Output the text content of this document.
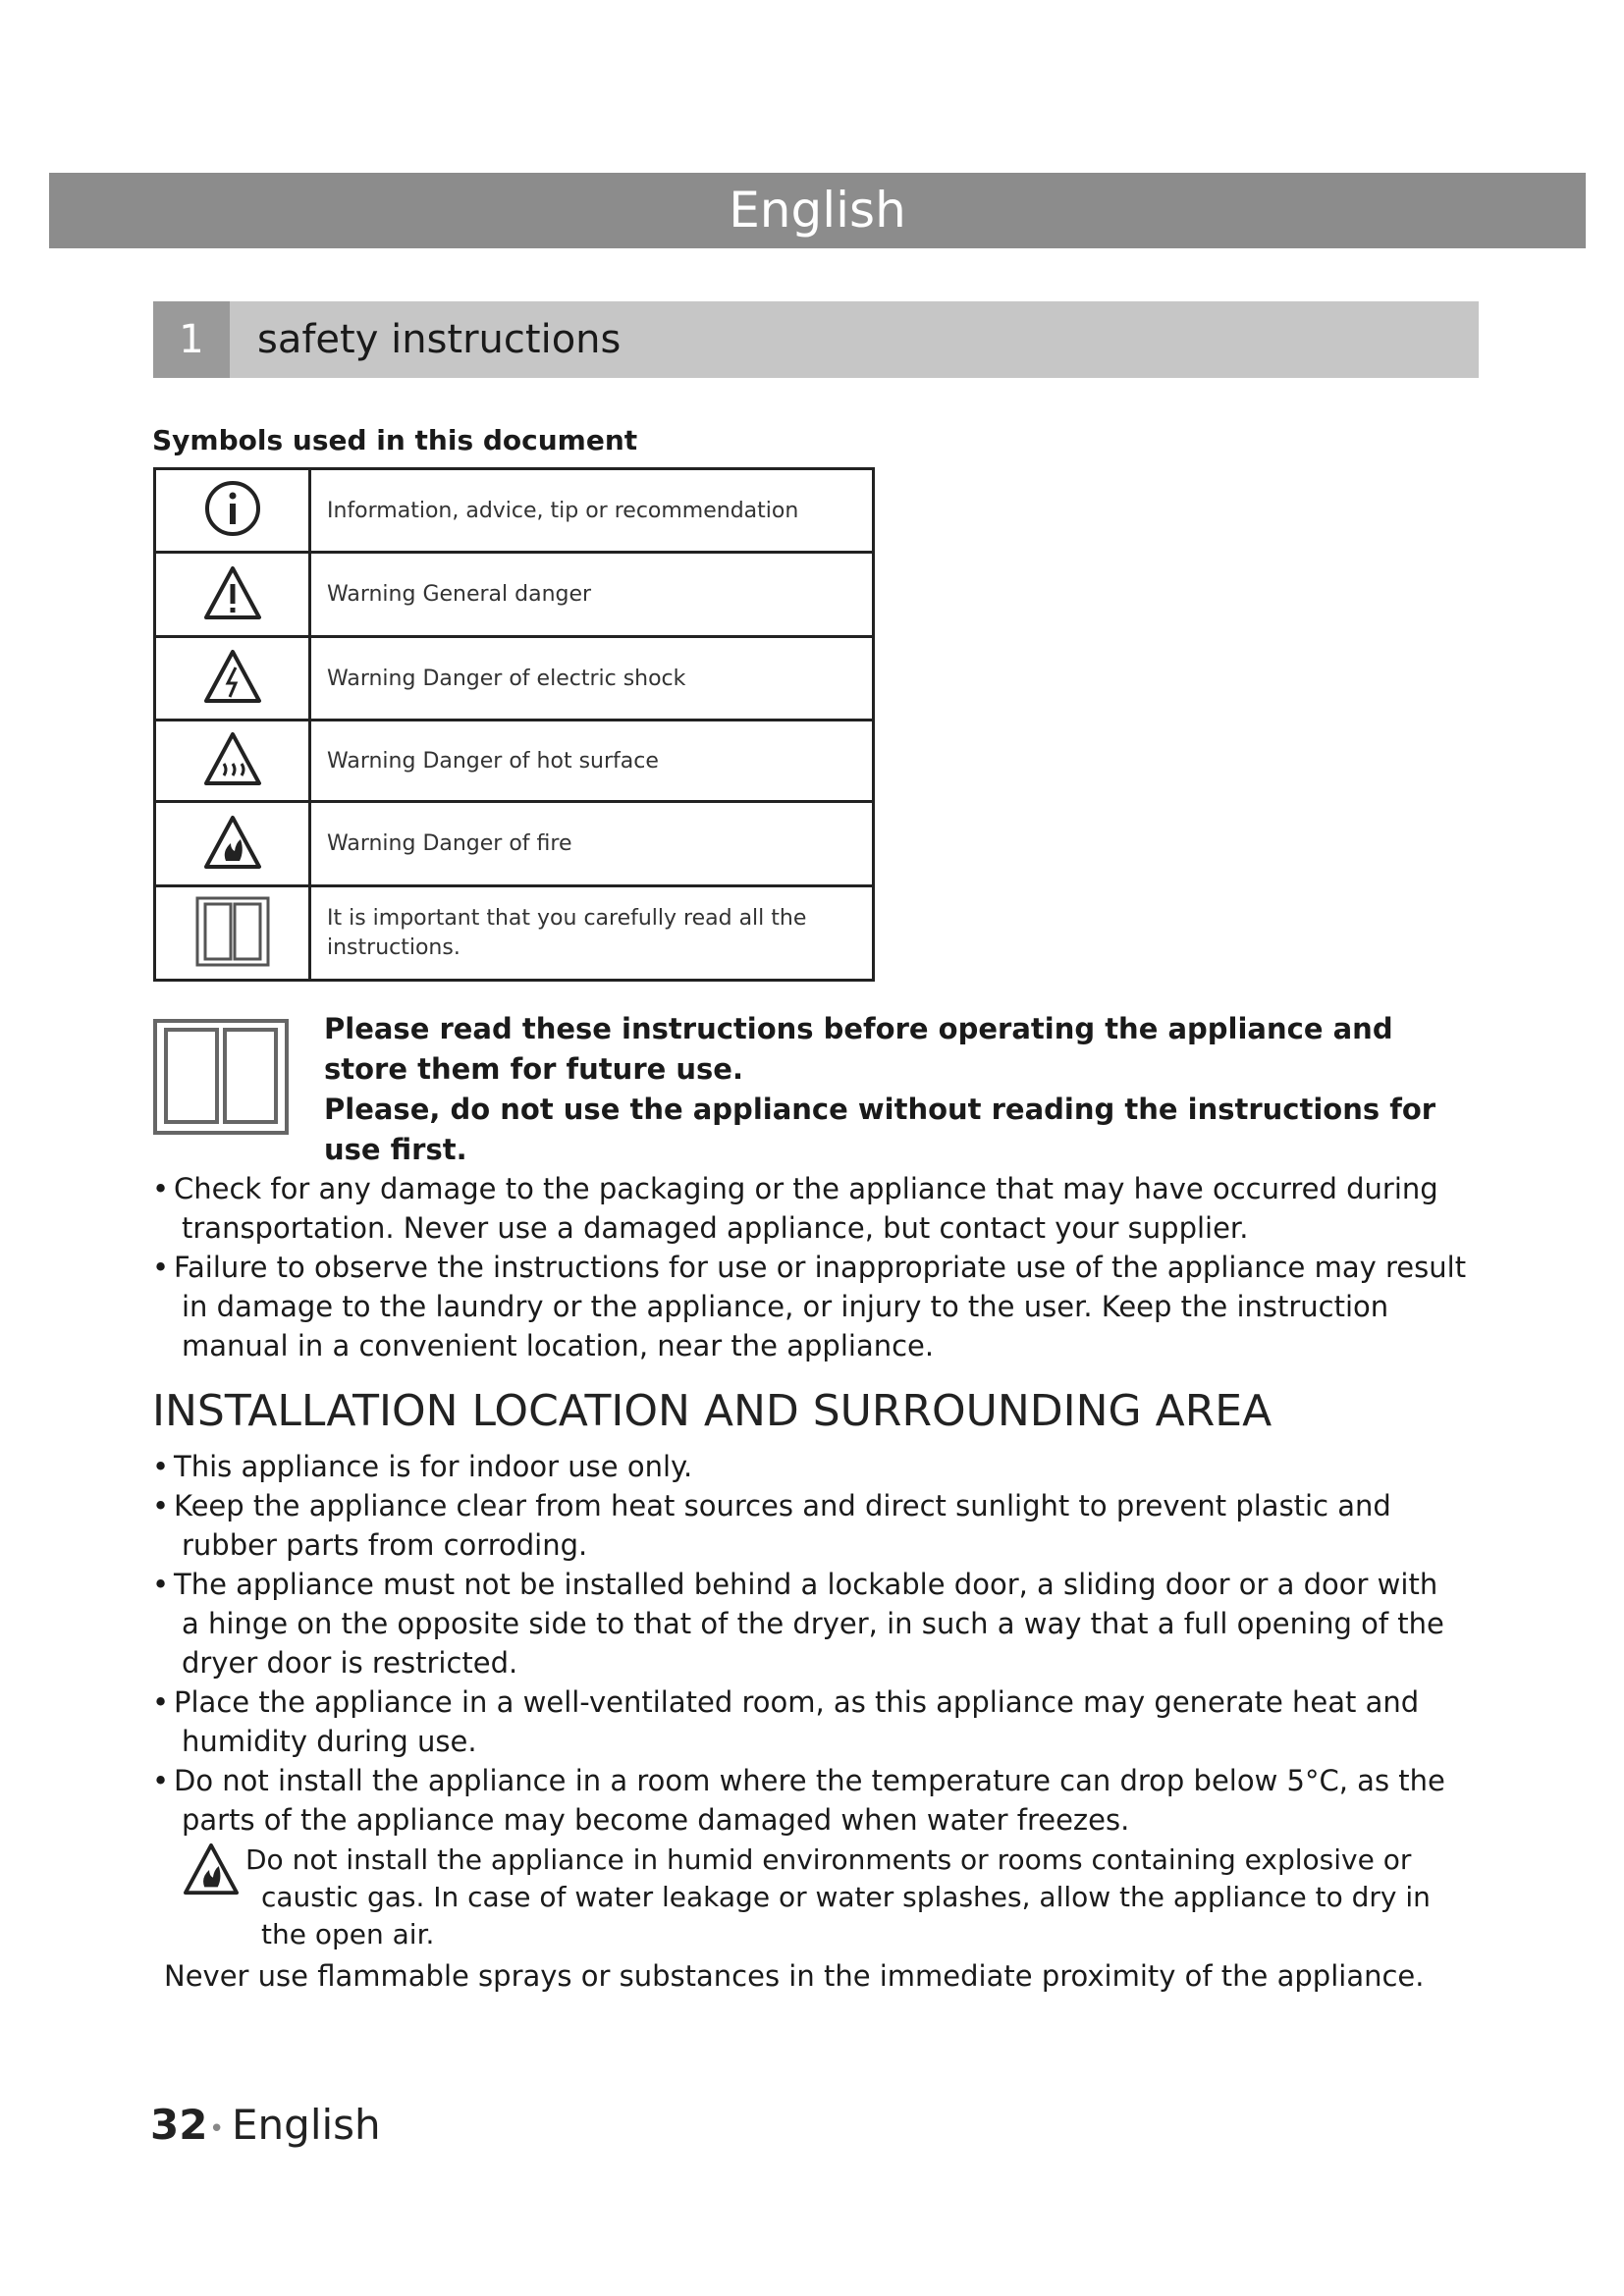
English
1	safety instructions
Symbols used in this document
	Information, advice, tip or recommendation
	Warning General danger
	Warning Danger of electric shock
	Warning Danger of hot surface
	Warning Danger of fire
	It is important that you carefully read all the instructions.

Please read these instructions before operating the appliance and store them for future use.

Please, do not use the appliance without reading the instructions for use first.

• Check for any damage to the packaging or the appliance that may have occurred during
transportation. Never use a damaged appliance, but contact your supplier.
• Failure to observe the instructions for use or inappropriate use of the appliance may result
in damage to the laundry or the appliance, or injury to the user. Keep the instruction manual in a convenient location, near the appliance.
INSTALLATION LOCATION AND SURROUNDING AREA
• This appliance is for indoor use only.
• Keep the appliance clear from heat sources and direct sunlight to prevent plastic and
rubber parts from corroding.
• The appliance must not be installed behind a lockable door, a sliding door or a door with
a hinge on the opposite side to that of the dryer, in such a way that a full opening of the dryer door is restricted.
• Place the appliance in a well-ventilated room, as this appliance may generate heat and
humidity during use.
• Do not install the appliance in a room where the temperature can drop below 5°C, as the
parts of the appliance may become damaged when water freezes.
Do not install the appliance in humid environments or rooms containing explosive or
caustic gas. In case of water leakage or water splashes, allow the appliance to dry in the open air.
Never use flammable sprays or substances in the immediate proximity of the appliance.
32 • English
